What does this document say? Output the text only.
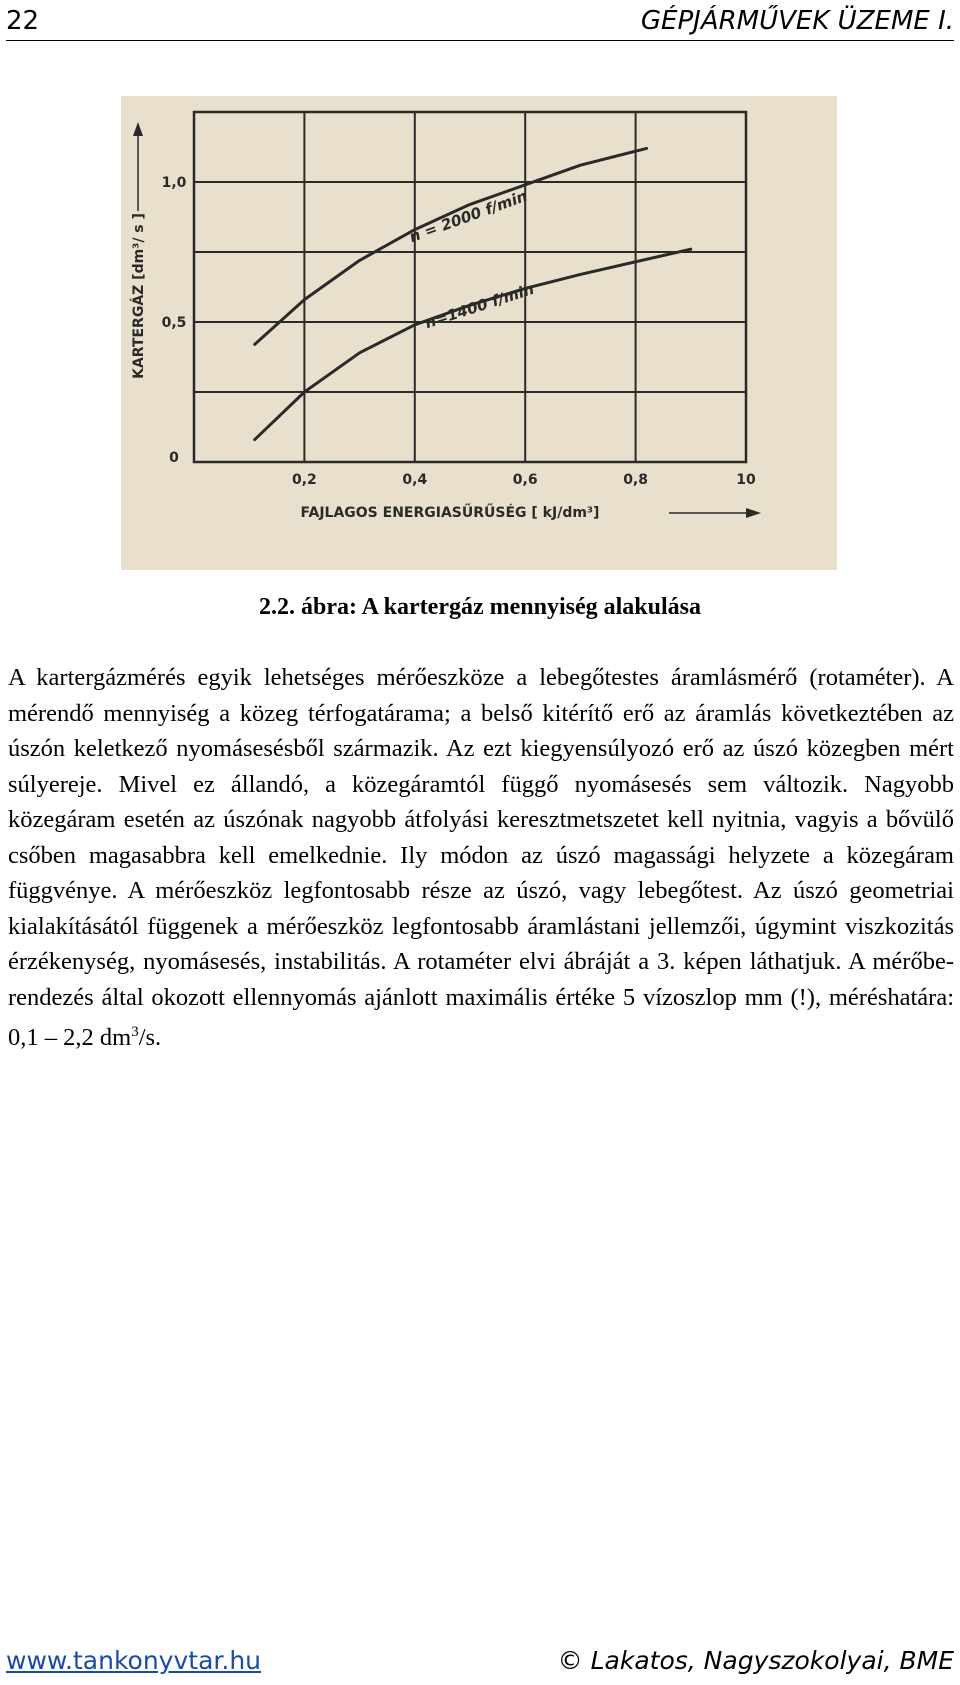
22	GÉPJÁRMŰVEK ÜZEME I.
0,2	0,4	0,6	0,8	10
0
0,5
1,0
FAJLAGOS ENERGIASŰRŰSÉG [ kJ/dm³]
KARTERGÁZ [dm³/ s ]	n = 2000 f/min
n=1400 f/min
2.2. ábra: A kartergáz mennyiség alakulása

A kartergázmérés egyik lehetséges mérőeszköze a lebegőtestes áramlásmérő (rotaméter). A mérendő mennyiség a közeg térfogatárama; a belső kitérítő erő az áramlás következtében az úszón keletkező nyomásesésből származik. Az ezt kiegyensúlyozó erő az úszó közegben mért súlyereje. Mivel ez állandó, a közegáramtól függő nyomásesés sem változik. Nagyobb közegáram esetén az úszónak nagyobb átfolyási keresztmetszetet kell nyitnia, vagyis a bővülő csőben magasabbra kell emelkednie. Ily módon az úszó magassági helyzete a közegáram függvénye. A mérőeszköz legfontosabb része az úszó, vagy lebegőtest. Az úszó geometriai kialakításától függenek a mérőeszköz legfontosabb áramlástani jellemzői, úgymint viszkozitás érzékenység, nyomásesés, instabilitás. A rotaméter elvi ábráját a 3. képen láthatjuk. A mérőberendezés által okozott ellennyomás ajánlott maximális értéke 5 vízoszlop mm (!), méréshatára: 0,1 – 2,2 $dm^3/s$.

www.tankonyvtar.hu	© Lakatos, Nagyszokolyai, BME
